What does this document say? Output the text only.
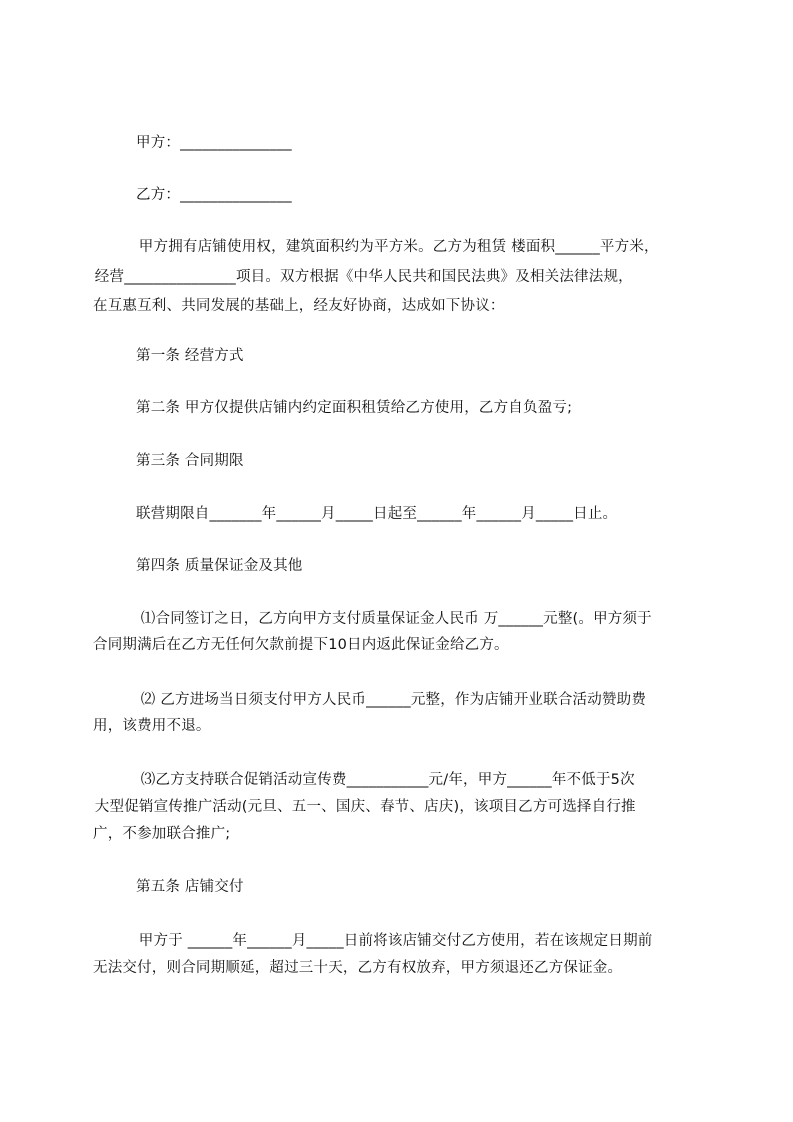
甲方：_______________
乙方：_______________
甲方拥有店铺使用权，建筑面积约为平方米。乙方为租赁 楼面积______平方米，
经营_______________项目。双方根据《中华人民共和国民法典》及相关法律法规，
在互惠互利、共同发展的基础上，经友好协商，达成如下协议：
第一条 经营方式
第二条 甲方仅提供店铺内约定面积租赁给乙方使用，乙方自负盈亏;
第三条 合同期限
联营期限自_______年______月_____日起至______年______月_____日止。
第四条 质量保证金及其他
⑴合同签订之日，乙方向甲方支付质量保证金人民币 万______元整(。甲方须于
合同期满后在乙方无任何欠款前提下10日内返此保证金给乙方。
⑵ 乙方进场当日须支付甲方人民币______元整，作为店铺开业联合活动赞助费
用，该费用不退。
⑶乙方支持联合促销活动宣传费___________元/年，甲方______年不低于5次
大型促销宣传推广活动(元旦、五一、国庆、春节、店庆)，该项目乙方可选择自行推
广，不参加联合推广;
第五条 店铺交付
甲方于 ______年______月_____日前将该店铺交付乙方使用，若在该规定日期前
无法交付，则合同期顺延，超过三十天，乙方有权放弃，甲方须退还乙方保证金。
